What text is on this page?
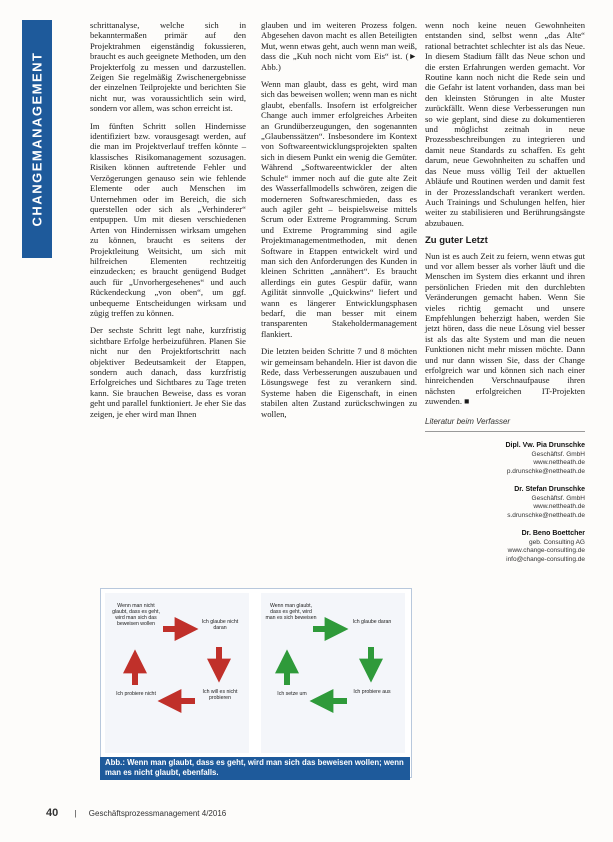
CHANGEMANAGEMENT

schrittanalyse, welche sich in bekanntermaßen primär auf den Projektrahmen eigenständig fokussieren, braucht es auch geeignete Methoden, um den Projekterfolg zu messen und darzustellen. Zeigen Sie regelmäßig Zwischenergebnisse der einzelnen Teilprojekte und berichten Sie nicht nur, was voraussichtlich sein wird, sondern vor allem, was schon erreicht ist.

Im fünften Schritt sollen Hindernisse identifiziert bzw. vorausgesagt werden, auf die man im Projektverlauf treffen könnte – klassisches Risikomanagement sozusagen. Risiken können auftretende Fehler und Verzögerungen genauso sein wie fehlende Elemente oder auch Menschen im Unternehmen oder im Bereich, die sich querstellen oder sich als „Verhinderer“ entpuppen. Um mit diesen verschiedenen Arten von Hindernissen wirksam umgehen zu können, braucht es seitens der Projektleitung Weitsicht, um sich mit hilfreichen Elementen rechtzeitig einzudecken; es braucht genügend Budget auch für „Unvorhergesehenes“ und auch Rückendeckung „von oben“, um ggf. unbequeme Entscheidungen wirksam und zügig treffen zu können.

Der sechste Schritt legt nahe, kurzfristig sichtbare Erfolge herbeizuführen. Planen Sie nicht nur den Projektfortschritt nach objektiver Bedeutsamkeit der Etappen, sondern auch danach, dass kurzfristig Erfolgreiches und Sichtbares zu Tage treten kann. Sie brauchen Beweise, dass es voran geht und parallel funktioniert. Je eher Sie das zeigen, je eher wird man Ihnen

glauben und im weiteren Prozess folgen. Abgesehen davon macht es allen Beteiligten Mut, wenn etwas geht, auch wenn man weiß, dass die „Kuh noch nicht vom Eis“ ist. (► Abb.)

Wenn man glaubt, dass es geht, wird man sich das beweisen wollen; wenn man es nicht glaubt, ebenfalls. Insofern ist erfolgreicher Change auch immer erfolgreiches Arbeiten an Grundüberzeugungen, den sogenannten „Glaubenssätzen“. Insbesondere im Kontext von Softwareentwicklungsprojekten spalten sich in diesem Punkt ein wenig die Gemüter. Während „Softwareentwickler der alten Schule“ immer noch auf die gute alte Zeit des Wasserfallmodells schwören, zeigen die moderneren Softwareschmieden, dass es auch agiler geht – beispielsweise mittels Scrum oder Extreme Programming. Scrum und Extreme Programming sind agile Projektmanagementmethoden, mit denen Software in Etappen entwickelt wird und man sich den Anforderungen des Kunden in kleinen Schritten „annähert“. Es braucht allerdings ein gutes Gespür dafür, wann Agilität sinnvolle „Quickwins“ liefert und wann es längerer Entwicklungsphasen bedarf, die man besser mit einem transparenten Stakeholdermanagement flankiert.

Die letzten beiden Schritte 7 und 8 möchten wir gemeinsam behandeln. Hier ist davon die Rede, dass Verbesserungen auszubauen und Lösungswege fest zu verankern sind. Systeme haben die Eigenschaft, in einen stabilen alten Zustand zurückschwingen zu wollen,

wenn noch keine neuen Gewohnheiten entstanden sind, selbst wenn „das Alte“ rational betrachtet schlechter ist als das Neue. In diesem Stadium fällt das Neue schon und die ersten Erfahrungen werden gemacht. Vor Routine kann noch nicht die Rede sein und die Gefahr ist latent vorhanden, dass man bei den kleinsten Störungen in alte Muster zurückfällt. Wenn diese Verbesserungen nun so wie geplant, sind diese zu dokumentieren und möglichst zeitnah in neue Prozessbeschreibungen zu integrieren und damit neue Standards zu schaffen. Es geht darum, neue Gewohnheiten zu schaffen und das Neue muss völlig Teil der aktuellen Abläufe und Routinen werden und damit fest in der Prozesslandschaft verankert werden. Auch Trainings und Schulungen helfen, hier weiter zu stabilisieren und Berührungsängste abzubauen.

Zu guter Letzt

Nun ist es auch Zeit zu feiern, wenn etwas gut und vor allem besser als vorher läuft und die Menschen im System dies erkannt und ihren persönlichen Frieden mit den durchlebten Veränderungen gemacht haben. Wenn Sie vieles richtig gemacht und unsere Empfehlungen beherzigt haben, werden Sie jetzt hören, dass die neue Lösung viel besser ist als das alte System und man die neuen Funktionen nicht mehr missen möchte. Dann und nur dann wissen Sie, dass der Change erfolgreich war und können sich nach einer hinreichenden Verschnaufpause ihren nächsten erfolgreichen IT-Projekten zuwenden. ■

Literatur beim Verfasser
Dipl. Vw. Pia Drunschke
Geschäftsf. GmbH
www.nettheath.de
p.drunschke@nettheath.de
Dr. Stefan Drunschke
Geschäftsf. GmbH
www.nettheath.de
s.drunschke@nettheath.de
Dr. Beno Boettcher
geb. Consulting AG
www.change-consulting.de
info@change-consulting.de
Wenn man nicht glaubt, dass es geht, wird man sich das beweisen wollen	Ich glaube nicht daran
Ich will es nicht probieren
Ich probiere nicht
Wenn man glaubt, dass es geht, wird man es sich beweisen
Ich glaube daran
Ich probiere aus
Ich setze um
Abb.: Wenn man glaubt, dass es geht, wird man sich das beweisen wollen; wenn man es nicht glaubt, ebenfalls.
40 | Geschäftsprozessmanagement 4/2016
